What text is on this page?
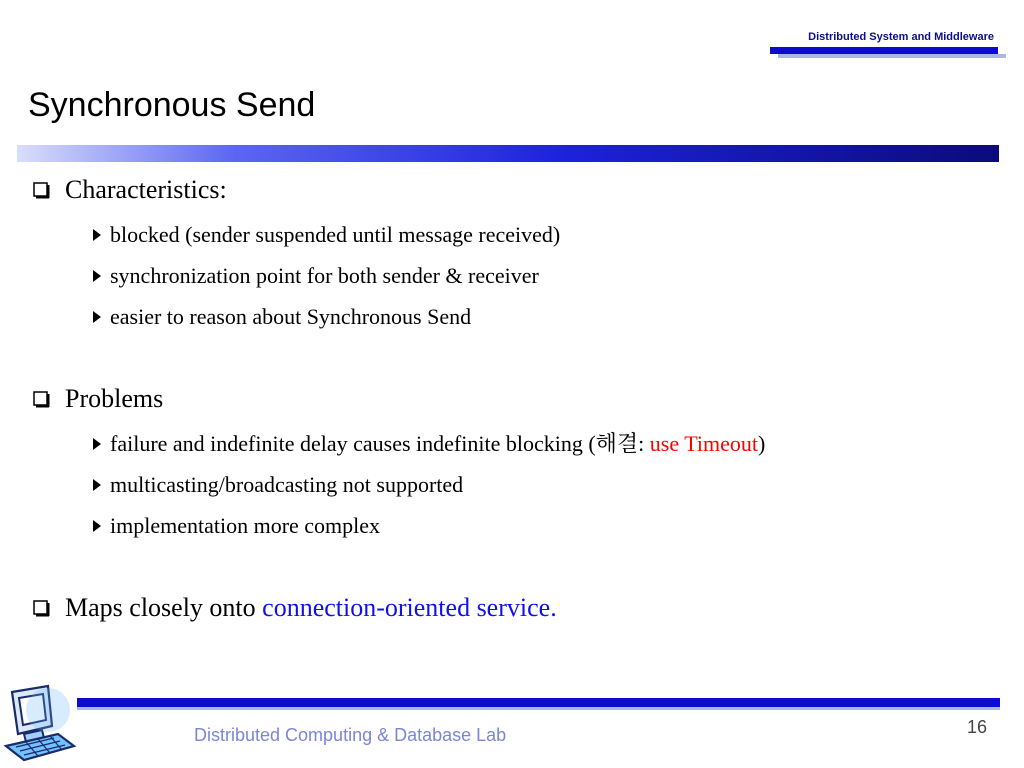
Distributed System and Middleware
Synchronous Send
Characteristics:
blocked (sender suspended until message received)
synchronization point for both sender & receiver
easier to reason about Synchronous Send
Problems
failure and indefinite delay causes indefinite blocking (해결: use Timeout)
multicasting/broadcasting not supported
implementation more complex
Maps closely onto connection-oriented service.
Distributed Computing & Database Lab	16
